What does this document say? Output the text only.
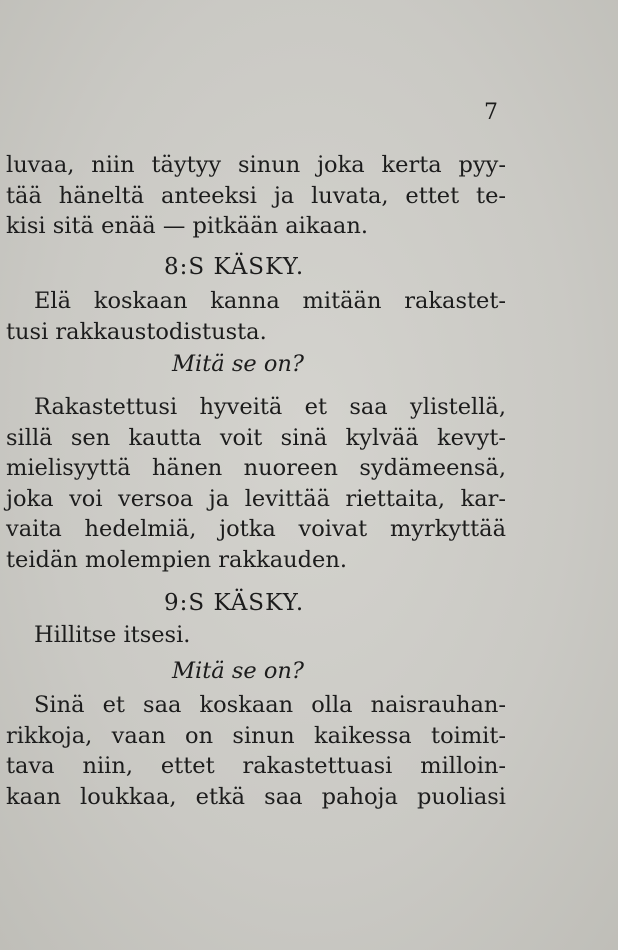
7
luvaa, niin täytyy sinun joka kerta pyy-
tää häneltä anteeksi ja luvata, ettet te-
kisi sitä enää — pitkään aikaan.
8:S KÄSKY.
Elä koskaan kanna mitään rakastet-
tusi rakkaustodistusta.
Mitä se on?
Rakastettusi hyveitä et saa ylistellä,
sillä sen kautta voit sinä kylvää kevyt-
mielisyyttä hänen nuoreen sydämeensä,
joka voi versoa ja levittää riettaita, kar-
vaita hedelmiä, jotka voivat myrkyttää
teidän molempien rakkauden.
9:S KÄSKY.
Hillitse itsesi.
Mitä se on?
Sinä et saa koskaan olla naisrauhan-
rikkoja, vaan on sinun kaikessa toimit-
tava niin, ettet rakastettuasi milloin-
kaan loukkaa, etkä saa pahoja puoliasi
